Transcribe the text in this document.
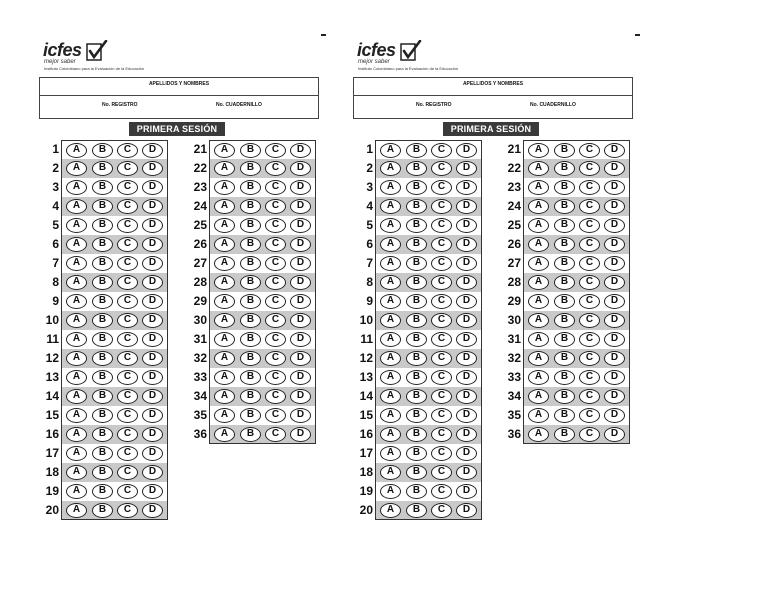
icfes
mejor saber
Instituto Colombiano para la Evaluación de la Educación
APELLIDOS Y NOMBRES
No. REGISTRO	No. CUADERNILLO
PRIMERA SESIÓN
1	A	B	C	D
2	A	B	C	D
3	A	B	C	D
4	A	B	C	D
5	A	B	C	D
6	A	B	C	D
7	A	B	C	D
8	A	B	C	D
9	A	B	C	D
10	A	B	C	D
11	A	B	C	D
12	A	B	C	D
13	A	B	C	D
14	A	B	C	D
15	A	B	C	D
16	A	B	C	D
17	A	B	C	D
18	A	B	C	D
19	A	B	C	D
20	A	B	C	D
21	A	B	C	D
22	A	B	C	D
23	A	B	C	D
24	A	B	C	D
25	A	B	C	D
26	A	B	C	D
27	A	B	C	D
28	A	B	C	D
29	A	B	C	D
30	A	B	C	D
31	A	B	C	D
32	A	B	C	D
33	A	B	C	D
34	A	B	C	D
35	A	B	C	D
36	A	B	C	D
icfes
mejor saber
Instituto Colombiano para la Evaluación de la Educación
APELLIDOS Y NOMBRES
No. REGISTRO	No. CUADERNILLO
PRIMERA SESIÓN
1	A	B	C	D
2	A	B	C	D
3	A	B	C	D
4	A	B	C	D
5	A	B	C	D
6	A	B	C	D
7	A	B	C	D
8	A	B	C	D
9	A	B	C	D
10	A	B	C	D
11	A	B	C	D
12	A	B	C	D
13	A	B	C	D
14	A	B	C	D
15	A	B	C	D
16	A	B	C	D
17	A	B	C	D
18	A	B	C	D
19	A	B	C	D
20	A	B	C	D
21	A	B	C	D
22	A	B	C	D
23	A	B	C	D
24	A	B	C	D
25	A	B	C	D
26	A	B	C	D
27	A	B	C	D
28	A	B	C	D
29	A	B	C	D
30	A	B	C	D
31	A	B	C	D
32	A	B	C	D
33	A	B	C	D
34	A	B	C	D
35	A	B	C	D
36	A	B	C	D
